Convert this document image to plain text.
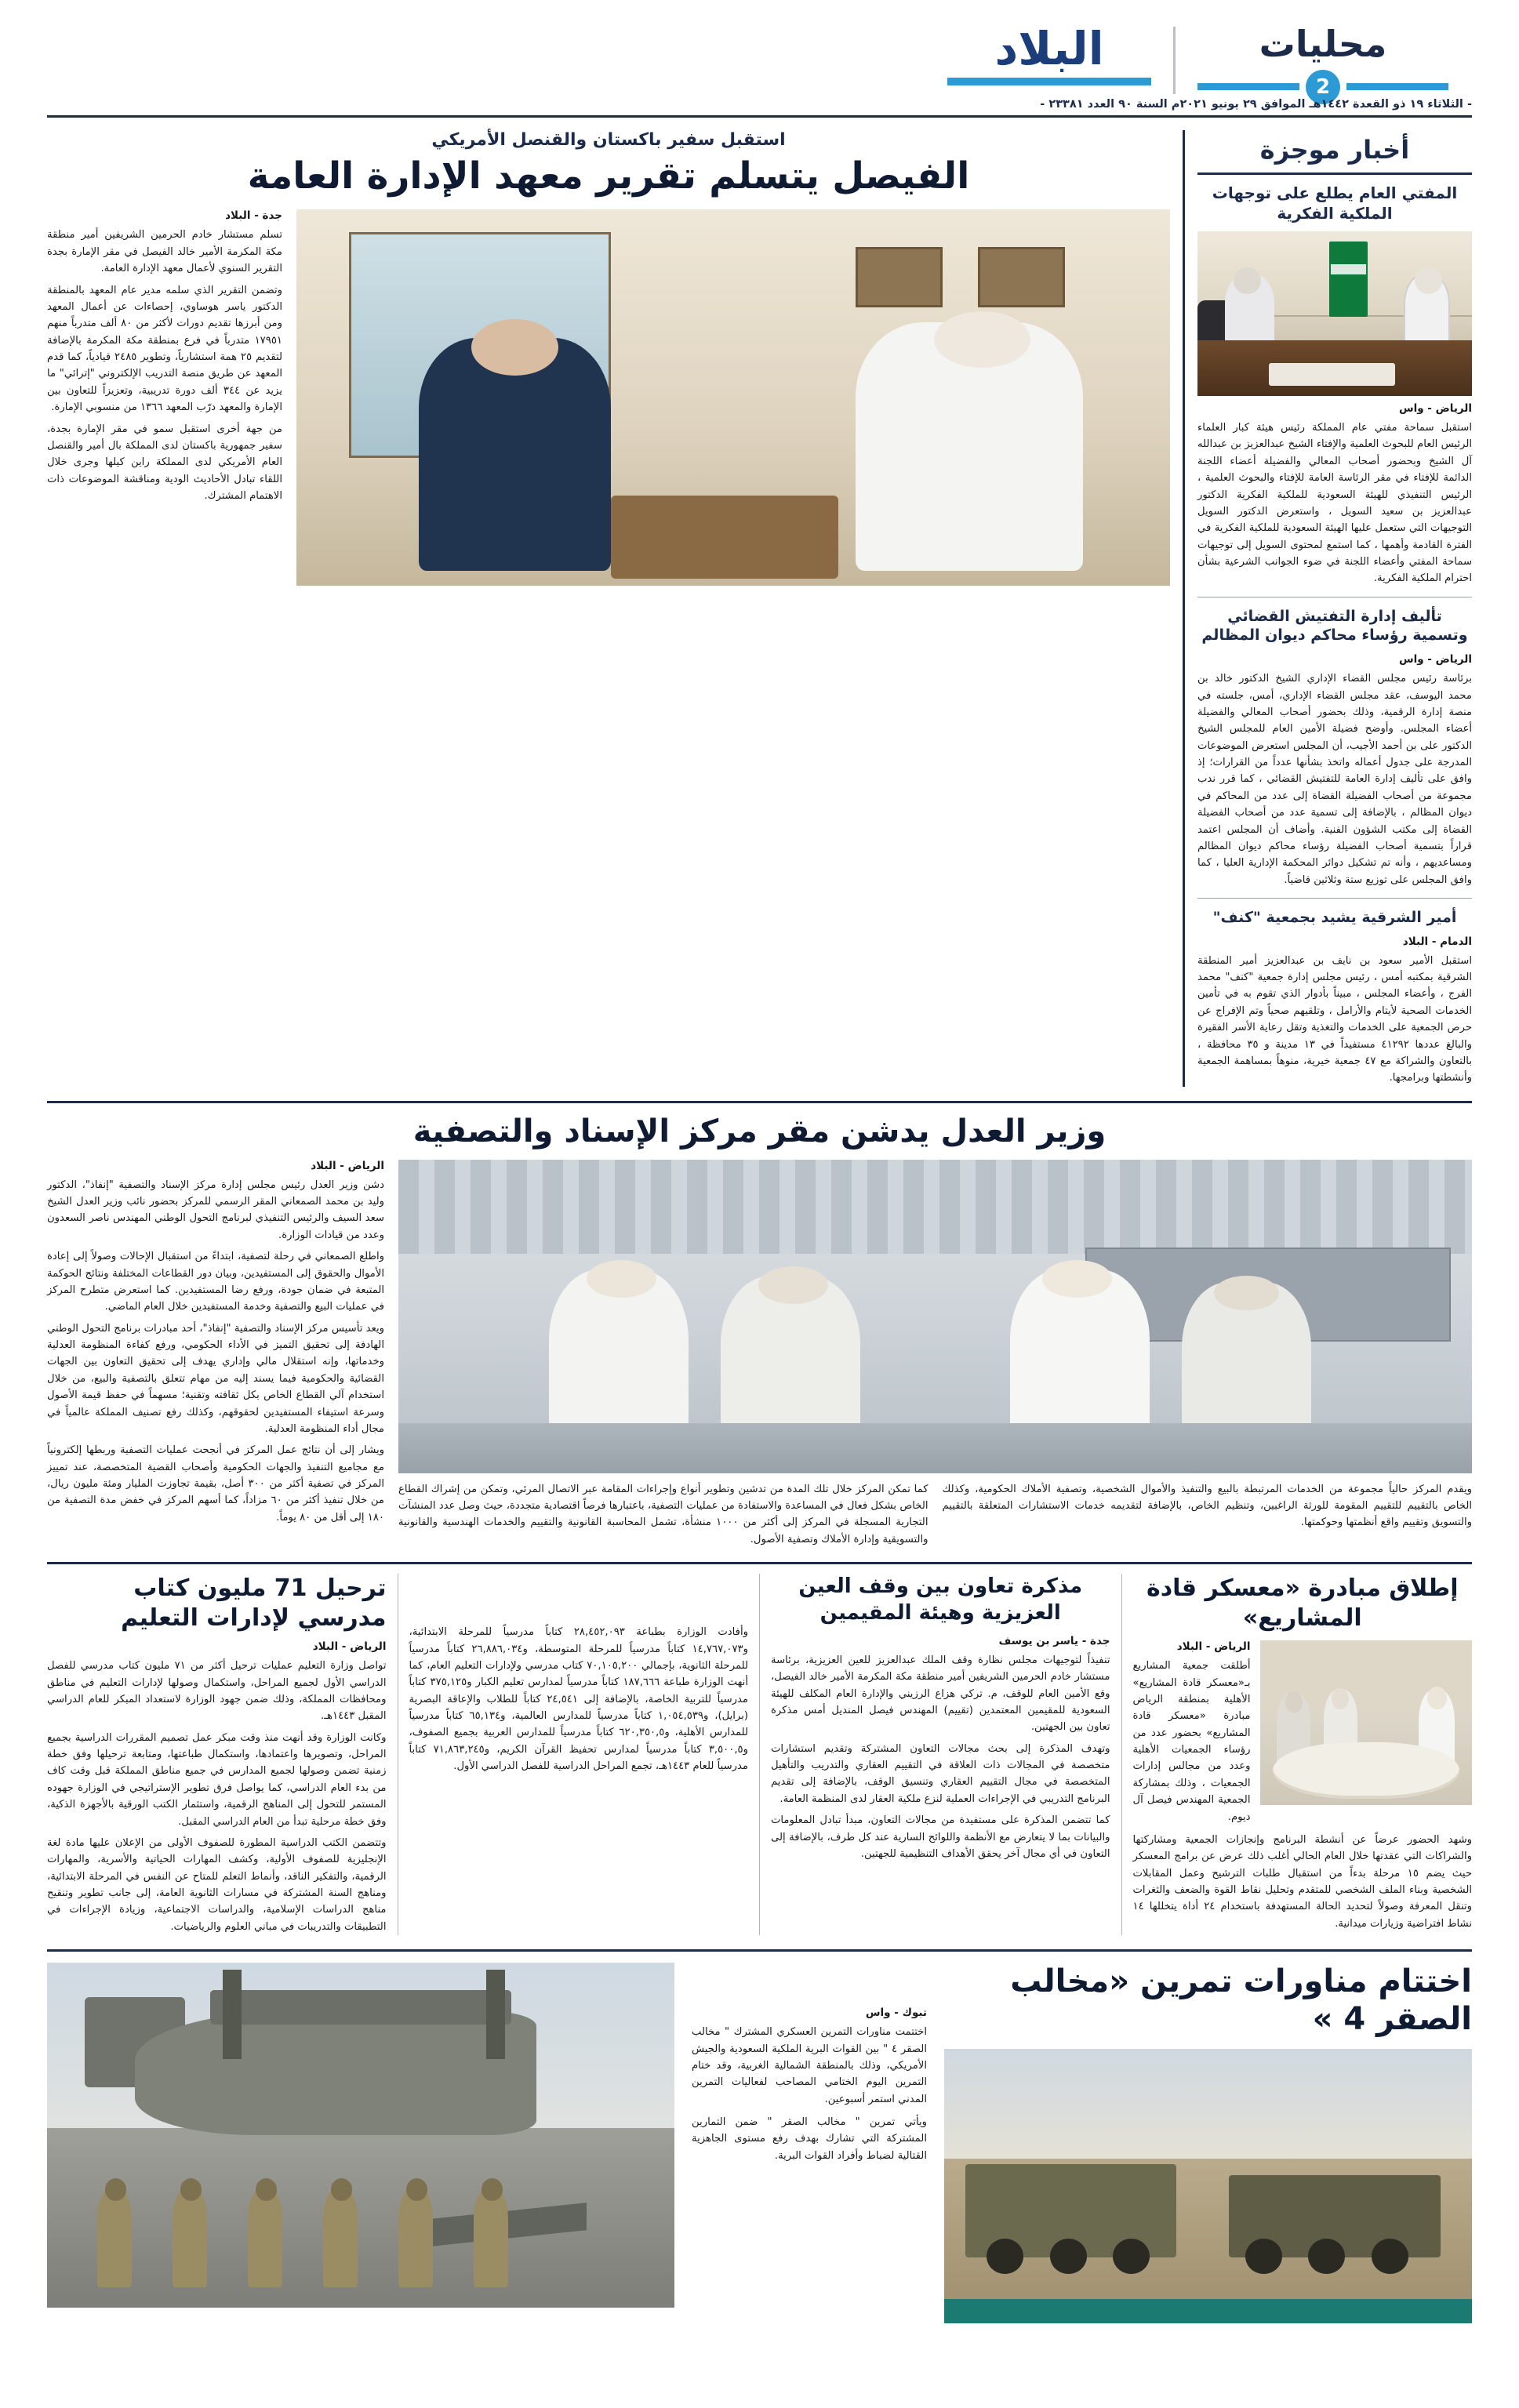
محليات
2
البلاد
- الثلاثاء ١٩ ذو القعدة ١٤٤٢هـ الموافق ٢٩ يونيو ٢٠٢١م السنة ٩٠ العدد ٢٣٣٨١ -
استقبل سفير باكستان والقنصل الأمريكي
الفيصل يتسلم تقرير معهد الإدارة العامة
جدة - البلاد

تسلم مستشار خادم الحرمين الشريفين أمير منطقة مكة المكرمة الأمير خالد الفيصل في مقر الإمارة بجدة التقرير السنوي لأعمال معهد الإدارة العامة.

وتضمن التقرير الذي سلمه مدير عام المعهد بالمنطقة الدكتور ياسر هوساوي، إحصاءات عن أعمال المعهد ومن أبرزها تقديم دورات لأكثر من ٨٠ ألف متدرباً منهم ١٧٩٥١ متدرباً في فرع بمنطقة مكة المكرمة بالإضافة لتقديم ٢٥ همة استشارياً، وتطوير ٢٤٨٥ قيادياً، كما قدم المعهد عن طريق منصة التدريب الإلكتروني "إترائي" ما يزيد عن ٣٤٤ ألف دورة تدريبية، وتعزيزاً للتعاون بين الإمارة والمعهد درّب المعهد ١٣٦٦ من منسوبي الإمارة.

من جهة أخرى استقبل سمو في مقر الإمارة بجدة، سفير جمهورية باكستان لدى المملكة بال أمير والقنصل العام الأمريكي لدى المملكة راين كيلها وجرى خلال اللقاء تبادل الأحاديث الودية ومناقشة الموضوعات ذات الاهتمام المشترك.

أخبار موجزة
المفتي العام يطلع على توجهات الملكية الفكرية
الرياض - واس

استقبل سماحة مفتي عام المملكة رئيس هيئة كبار العلماء الرئيس العام للبحوث العلمية والإفتاء الشيخ عبدالعزيز بن عبدالله آل الشيخ وبحضور أصحاب المعالي والفضيلة أعضاء اللجنة الدائمة للإفتاء في مقر الرئاسة العامة للإفتاء والبحوث العلمية ، الرئيس التنفيذي للهيئة السعودية للملكية الفكرية الدكتور عبدالعزيز بن سعيد السويل ، واستعرض الدكتور السويل التوجيهات التي ستعمل عليها الهيئة السعودية للملكية الفكرية في الفترة القادمة وأهمها ، كما استمع لمحتوى السويل إلى توجيهات سماحة المفتي وأعضاء اللجنة في ضوء الجوانب الشرعية بشأن احترام الملكية الفكرية.

تأليف إدارة التفتيش القضائي وتسمية رؤساء محاكم ديوان المظالم
الرياض - واس

برئاسة رئيس مجلس القضاء الإداري الشيخ الدكتور خالد بن محمد اليوسف، عقد مجلس القضاء الإداري، أمس، جلسته في منصة إدارة الرقمية، وذلك بحضور أصحاب المعالي والفضيلة أعضاء المجلس. وأوضح فضيلة الأمين العام للمجلس الشيخ الدكتور على بن أحمد الأجيب، أن المجلس استعرض الموضوعات المدرجة على جدول أعماله واتخذ بشأنها عدداً من القرارات؛ إذ وافق على تأليف إدارة العامة للتفتيش القضائي ، كما قرر ندب مجموعة من أصحاب الفضيلة القضاة إلى عدد من المحاكم في ديوان المظالم ، بالإضافة إلى تسمية عدد من أصحاب الفضيلة القضاة إلى مكتب الشؤون الفنية. وأضاف أن المجلس اعتمد قراراً بتسمية أصحاب الفضيلة رؤساء محاكم ديوان المظالم ومساعديهم ، وأنه تم تشكيل دوائر المحكمة الإدارية العليا ، كما وافق المجلس على توزيع ستة وثلاثين قاضياً.

أمير الشرقية يشيد بجمعية "كنف"
الدمام - البلاد

استقبل الأمير سعود بن نايف بن عبدالعزيز أمير المنطقة الشرقية بمكتبه أمس ، رئيس مجلس إدارة جمعية "كنف" محمد الفرج ، وأعضاء المجلس ، مبيناً بأدوار الذي تقوم به في تأمين الخدمات الصحية لأيتام والأرامل ، وتلقيهم صحياً وتم الإفراج عن حرص الجمعية على الخدمات والتغذية وتقل رعاية الأسر الفقيرة والبالغ عددها ٤١٢٩٢ مستفيداً في ١٣ مدينة و ٣٥ محافظة ، بالتعاون والشراكة مع ٤٧ جمعية خيرية، منوهاً بمساهمة الجمعية وأنشطتها وبرامجها.

وزير العدل يدشن مقر مركز الإسناد والتصفية
الرياض - البلاد

دشن وزير العدل رئيس مجلس إدارة مركز الإسناد والتصفية "إنفاذ"، الدكتور وليد بن محمد الصمعاني المقر الرسمي للمركز بحضور نائب وزير العدل الشيخ سعد السيف والرئيس التنفيذي لبرنامج التحول الوطني المهندس ناصر السعدون وعدد من قيادات الوزارة.

واطلع الصمعاني في رحلة لتصفية، ابتداءً من استقبال الإحالات وصولاً إلى إعادة الأموال والحقوق إلى المستفيدين، وبيان دور القطاعات المختلفة ونتائج الحوكمة المتبعة في ضمان جودة، ورفع رضا المستفيدين. كما استعرض متطرح المركز في عمليات البيع والتصفية وخدمة المستفيدين خلال العام الماضي.

ويعد تأسيس مركز الإسناد والتصفية "إنفاذ"، أحد مبادرات برنامج التحول الوطني الهادفة إلى تحقيق التميز في الأداء الحكومي، ورفع كفاءة المنظومة العدلية وخدماتها، وإنه استقلال مالي وإداري يهدف إلى تحقيق التعاون بين الجهات القضائية والحكومية فيما يسند إليه من مهام تتعلق بالتصفية والبيع، من خلال استخدام آلي القطاع الخاص بكل ثقافته وتقنية؛ مسهماً في حفظ قيمة الأصول وسرعة استيفاء المستفيدين لحقوقهم، وكذلك رفع تصنيف المملكة عالمياً في مجال أداء المنظومة العدلية.

ويشار إلى أن نتائج عمل المركز في أنجحت عمليات التصفية وربطها إلكترونياً مع مجاميع التنفيذ والجهات الحكومية وأصحاب القضية المتخصصة، عند تمييز المركز في تصفية أكثر من ٣٠٠ أصل، بقيمة تجاوزت المليار ومئة مليون ريال، من خلال تنفيذ أكثر من ٦٠ مزاداً، كما أسهم المركز في خفض مدة التصفية من ١٨٠ إلى أقل من ٨٠ يوماً.

كما تمكن المركز خلال تلك المدة من تدشين وتطوير أنواع وإجراءات المقامة عبر الاتصال المرئي، وتمكن من إشراك القطاع الخاص بشكل فعال في المساعدة والاستفادة من عمليات التصفية، باعتبارها فرصاً اقتصادية متجددة، حيث وصل عدد المنشآت التجارية المسجلة في المركز إلى أكثر من ١٠٠٠ منشأة، تشمل المحاسبة القانونية والتقييم والخدمات الهندسية والقانونية والتسويقية وإدارة الأملاك وتصفية الأصول.

ويقدم المركز حالياً مجموعة من الخدمات المرتبطة بالبيع والتنفيذ والأموال الشخصية، وتصفية الأملاك الحكومية، وكذلك الخاص بالتقييم للتقييم المقومة للورثة الراغبين، وتنظيم الخاص، بالإضافة لتقديمه خدمات الاستشارات المتعلقة بالتقييم والتسويق وتقييم واقع أنظمتها وحوكمتها.

ترحيل 71 مليون كتاب مدرسي لإدارات التعليم
الرياض - البلاد

تواصل وزارة التعليم عمليات ترحيل أكثر من ٧١ مليون كتاب مدرسي للفصل الدراسي الأول لجميع المراحل، واستكمال وصولها لإدارات التعليم في مناطق ومحافظات المملكة، وذلك ضمن جهود الوزارة لاستعداد المبكر للعام الدراسي المقبل ١٤٤٣هـ.

وكانت الوزارة وقد أنهت منذ وقت مبكر عمل تصميم المقررات الدراسية بجميع المراحل، وتصويرها واعتمادها، واستكمال طباعتها، ومتابعة ترحيلها وفق خطة زمنية تضمن وصولها لجميع المدارس في جميع مناطق المملكة قبل وقت كاف من بدء العام الدراسي، كما يواصل فرق تطوير الإستراتيجي في الوزارة جهوده المستمر للتحول إلى المناهج الرقمية، واستثمار الكتب الورقية بالأجهزة الذكية، وفق خطة مرحلية تبدأ من العام الدراسي المقبل.

وتتضمن الكتب الدراسية المطورة للصفوف الأولى من الإعلان عليها مادة لغة الإنجليزية للصفوف الأولية، وكشف المهارات الحياتية والأسرية، والمهارات الرقمية، والتفكير الناقد، وأنماط التعلم للمتاح عن النفس في المرحلة الابتدائية، ومناهج السنة المشتركة في مسارات الثانوية العامة، إلى جانب تطوير وتنقيح مناهج الدراسات الإسلامية، والدراسات الاجتماعية، وزيادة الإجراءات في التطبيقات والتدريبات في مباني العلوم والرياضيات.

وأفادت الوزارة بطباعة ٢٨,٤٥٢,٠٩٣ كتاباً مدرسياً للمرحلة الابتدائية، و١٤,٧٦٧,٠٧٣ كتاباً مدرسياً للمرحلة المتوسطة، و٢٦,٨٨٦,٠٣٤ كتاباً مدرسياً للمرحلة الثانوية، بإجمالي ٧٠,١٠٥,٢٠٠ كتاب مدرسي ولإدارات التعليم العام، كما أنهت الوزارة طباعة ١٨٧,٦٦٦ كتاباً مدرسياً لمدارس تعليم الكبار و٣٧٥,١٢٥ كتاباً مدرسياً للتربية الخاصة، بالإضافة إلى ٢٤,٥٤١ كتاباً للطلاب والإعاقة البصرية (برايل)، و١,٠٥٤,٥٣٩ كتاباً مدرسياً للمدارس العالمية، و٦٥,١٣٤ كتاباً مدرسياً للمدارس الأهلية، و٦٢٠,٣٥٠,٥ كتاباً مدرسياً للمدارس العربية بجميع الصفوف، و٣,٥٠٠,٥ كتاباً مدرسياً لمدارس تحفيظ القرآن الكريم، و٧١,٨٦٣,٢٤٥ كتاباً مدرسياً للعام ١٤٤٣هـ، تجمع المراحل الدراسية للفصل الدراسي الأول.

مذكرة تعاون بين وقف العين العزيزية وهيئة المقيمين
جدة - ياسر بن يوسف

تنفيذاً لتوجيهات مجلس نظارة وقف الملك عبدالعزيز للعين العزيزية، برئاسة مستشار خادم الحرمين الشريفين أمير منطقة مكة المكرمة الأمير خالد الفيصل، وقع الأمين العام للوقف، م. تركي هزاع الرزيني والإدارة العام المكلف للهيئة السعودية للمقيمين المعتمدين (تقييم) المهندس فيصل المنديل أمس مذكرة تعاون بين الجهتين.

وتهدف المذكرة إلى بحث مجالات التعاون المشتركة وتقديم استشارات متخصصة في المجالات ذات العلاقة في التقييم العقاري والتدريب والتأهيل المتخصصة في مجال التقييم العقاري وتنسيق الوقف، بالإضافة إلى تقديم البرنامج التدريبي في الإجراءات العملية لنزع ملكية العقار لدى المنظمة العامة.

كما تتضمن المذكرة على مستفيدة من مجالات التعاون، مبدأ تبادل المعلومات والبيانات بما لا يتعارض مع الأنظمة واللوائح السارية عند كل طرف، بالإضافة إلى التعاون في أي مجال آخر يحقق الأهداف التنظيمية للجهتين.

إطلاق مبادرة «معسكر قادة المشاريع»
الرياض - البلاد

أطلقت جمعية المشاريع بـ«معسكر قادة المشاريع» الأهلية بمنطقة الرياض مبادرة «معسكر قادة المشاريع» بحضور عدد من رؤساء الجمعيات الأهلية وعدد من مجالس إدارات الجمعيات ، وذلك بمشاركة الجمعية المهندس فيصل آل ديوم.

وشهد الحضور عرضاً عن أنشطة البرنامج وإنجازات الجمعية ومشاركتها والشراكات التي عقدتها خلال العام الحالي أغلب ذلك عرض عن برامج المعسكر حيث يضم ١٥ مرحلة بدءاً من استقبال طلبات الترشيح وعمل المقابلات الشخصية وبناء الملف الشخصي للمتقدم وتحليل نقاط القوة والضعف والثغرات وتنقل المعرفة وصولاً لتحديد الحالة المستهدفة باستخدام ٢٤ أداة يتخللها ١٤ نشاط افتراضية وزيارات ميدانية.

تبوك - واس

اختتمت مناورات التمرين العسكري المشترك " مخالب الصقر ٤ " بين القوات البرية الملكية السعودية والجيش الأمريكي، وذلك بالمنطقة الشمالية الغربية، وقد ختام التمرين اليوم الختامي المصاحب لفعاليات التمرين المدني استمر أسبوعين.

ويأتي تمرين " مخالب الصقر " ضمن التمارين المشتركة التي تشارك بهدف رفع مستوى الجاهزية القتالية لضباط وأفراد القوات البرية.

اختتام مناورات تمرين «مخالب الصقر 4 »
